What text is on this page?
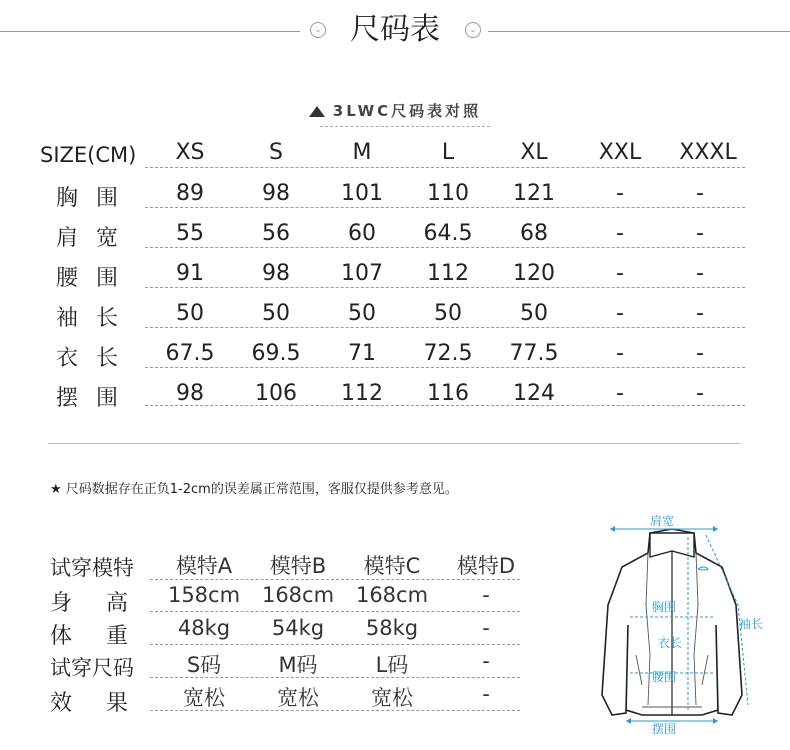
⌄ 尺码表	⌄
3LWC尺码表对照
SIZE(CM)	XS	S	M	L	XL	XXL	XXXL
胸围	89	98	101	110	121	-	-
肩宽	55	56	60	64.5	68	-	-
腰围	91	98	107	112	120	-	-
袖长	50	50	50	50	50	-	-
衣长	67.5	69.5	71	72.5	77.5	-	-
摆围	98	106	112	116	124	-	-
★ 尺码数据存在正负1-2cm的误差属正常范围，客服仅提供参考意见。
试穿模特	模特A	模特B	模特C	模特D
身高 158cm	168cm	168cm	-
体重 48kg	54kg	58kg	-
试穿尺码	S码	M码	L码	-
效果 宽松	宽松	宽松	-
肩宽
胸围
衣长
腰围
袖长
摆围
